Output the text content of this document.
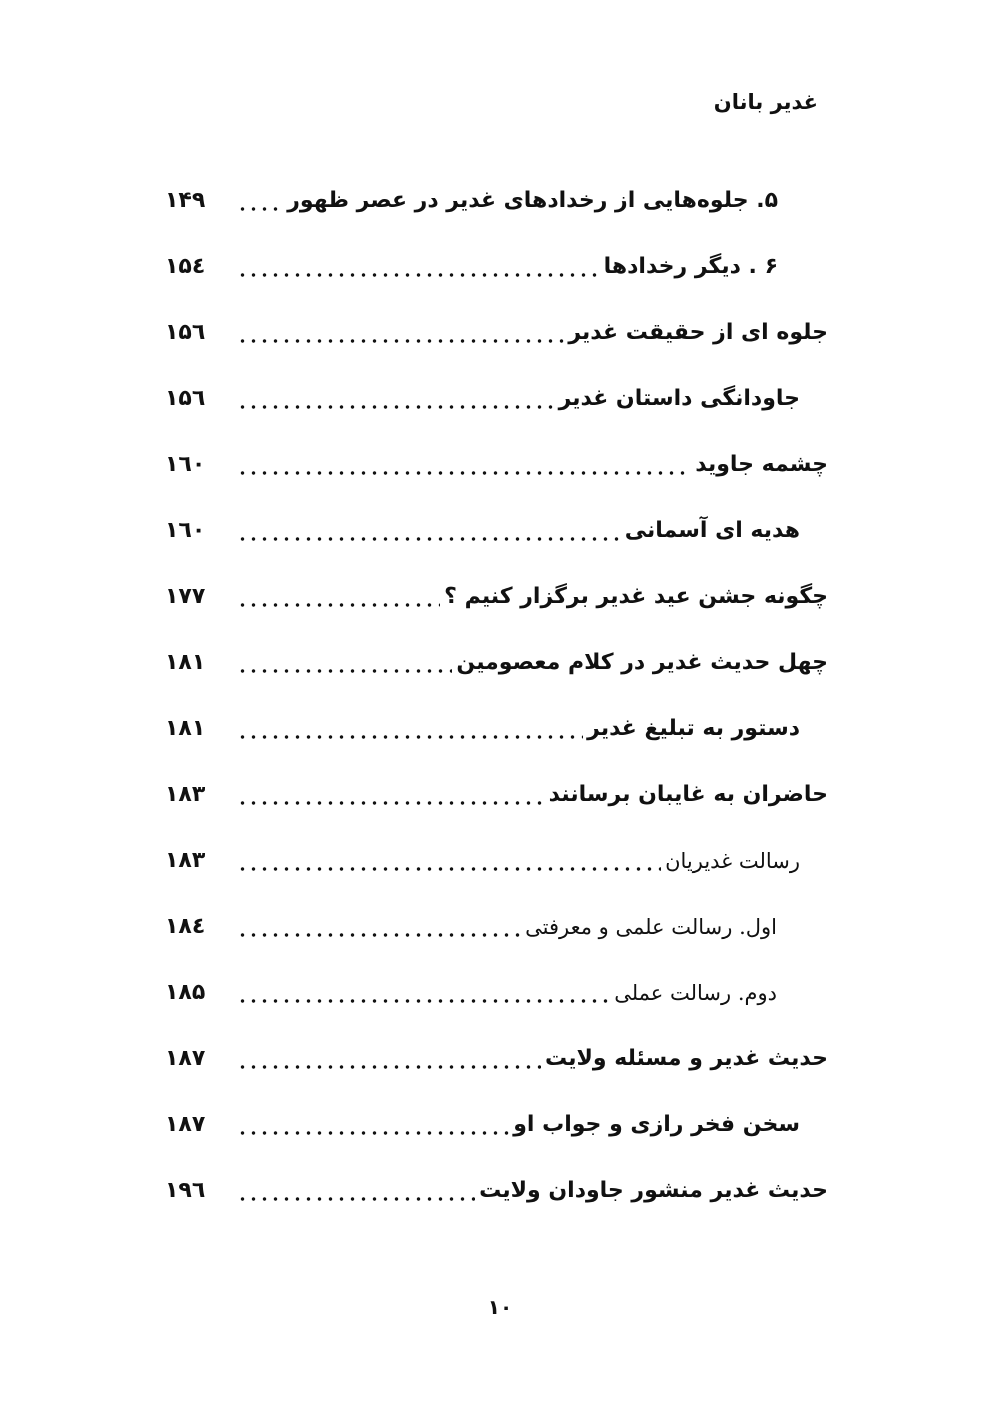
غدیر بانان
۵. جلوه‌هایی از رخدادهای غدیر در عصر ظهور
۱۴۹
۶ . دیگر رخدادها
۱۵٤
جلوه ای از حقیقت غدیر
۱۵٦
جاودانگی داستان غدیر
۱۵٦
چشمه جاوید
۱٦۰
هدیه ای آسمانی
۱٦۰
چگونه جشن عید غدیر برگزار کنیم ؟
۱۷۷
چهل حدیث غدیر در کلام معصومین
۱۸۱
دستور به تبلیغ غدیر
۱۸۱
حاضران به غایبان برسانند
۱۸۳
رسالت غدیریان
۱۸۳
اول. رسالت علمی و معرفتی
۱۸٤
دوم. رسالت عملی
۱۸۵
حدیث غدیر و مسئله ولایت
۱۸۷
سخن فخر رازی و جواب او
۱۸۷
حدیث غدیر منشور جاودان ولایت
۱۹٦
۱۰
